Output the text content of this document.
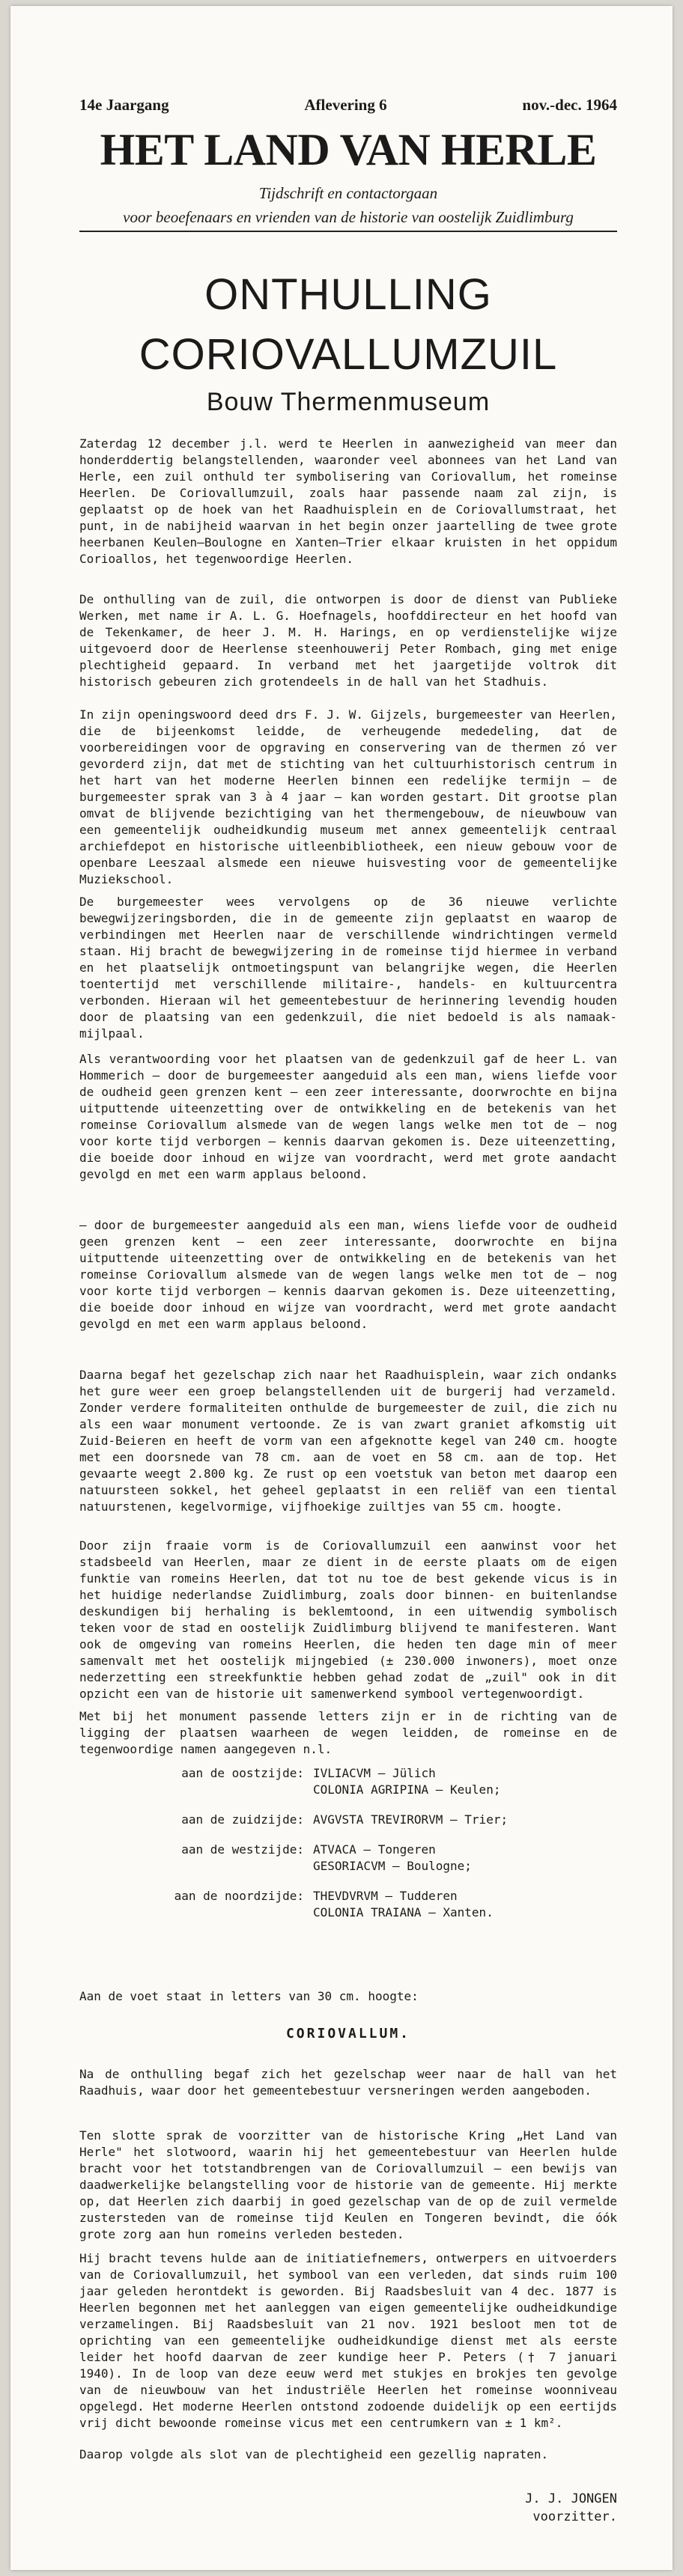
14e Jaargang	Aflevering 6	nov.-dec. 1964
HET LAND VAN HERLE
Tijdschrift en contactorgaan
voor beoefenaars en vrienden van de historie van oostelijk Zuidlimburg
ONTHULLING
CORIOVALLUMZUIL
Bouw Thermenmuseum

Zaterdag 12 december j.l. werd te Heerlen in aanwezigheid van meer dan honderddertig belangstellenden, waaronder veel abonnees van het Land van Herle, een zuil onthuld ter symbolisering van Coriovallum, het romeinse Heerlen. De Coriovallumzuil, zoals haar passende naam zal zijn, is geplaatst op de hoek van het Raadhuisplein en de Coriovallumstraat, het punt, in de nabijheid waarvan in het begin onzer jaartelling de twee grote heerbanen Keulen—Boulogne en Xanten—Trier elkaar kruisten in het oppidum Corioallos, het tegenwoordige Heerlen.

De onthulling van de zuil, die ontworpen is door de dienst van Publieke Werken, met name ir A. L. G. Hoefnagels, hoofddirecteur en het hoofd van de Tekenkamer, de heer J. M. H. Harings, en op verdienstelijke wijze uitgevoerd door de Heerlense steenhouwerij Peter Rombach, ging met enige plechtigheid gepaard. In verband met het jaargetijde voltrok dit historisch gebeuren zich grotendeels in de hall van het Stadhuis.

In zijn openingswoord deed drs F. J. W. Gijzels, burgemeester van Heerlen, die de bijeenkomst leidde, de verheugende mededeling, dat de voorbereidingen voor de opgraving en conservering van de thermen zó ver gevorderd zijn, dat met de stichting van het cultuurhistorisch centrum in het hart van het moderne Heerlen binnen een redelijke termijn — de burgemeester sprak van 3 à 4 jaar — kan worden gestart. Dit grootse plan omvat de blijvende bezichtiging van het thermengebouw, de nieuwbouw van een gemeentelijk oudheidkundig museum met annex gemeentelijk centraal archiefdepot en historische uitleenbibliotheek, een nieuw gebouw voor de openbare Leeszaal alsmede een nieuwe huisvesting voor de gemeentelijke Muziekschool.

De burgemeester wees vervolgens op de 36 nieuwe verlichte bewegwijzeringsborden, die in de gemeente zijn geplaatst en waarop de verbindingen met Heerlen naar de verschillende windrichtingen vermeld staan. Hij bracht de bewegwijzering in de romeinse tijd hiermee in verband en het plaatselijk ontmoetingspunt van belangrijke wegen, die Heerlen toentertijd met verschillende militaire-, handels- en kultuurcentra verbonden. Hieraan wil het gemeentebestuur de herinnering levendig houden door de plaatsing van een gedenkzuil, die niet bedoeld is als namaak-mijlpaal.

Als verantwoording voor het plaatsen van de gedenkzuil gaf de heer L. van Hommerich — door de burgemeester aangeduid als een man, wiens liefde voor de oudheid geen grenzen kent — een zeer interessante, doorwrochte en bijna uitputtende uiteenzetting over de ontwikkeling en de betekenis van het romeinse Coriovallum alsmede van de wegen langs welke men tot de — nog voor korte tijd verborgen — kennis daarvan gekomen is. Deze uiteenzetting, die boeide door inhoud en wijze van voordracht, werd met grote aandacht gevolgd en met een warm applaus beloond.

— door de burgemeester aangeduid als een man, wiens liefde voor de oudheid geen grenzen kent — een zeer interessante, doorwrochte en bijna uitputtende uiteenzetting over de ontwikkeling en de betekenis van het romeinse Coriovallum alsmede van de wegen langs welke men tot de — nog voor korte tijd verborgen — kennis daarvan gekomen is. Deze uiteenzetting, die boeide door inhoud en wijze van voordracht, werd met grote aandacht gevolgd en met een warm applaus beloond.

Daarna begaf het gezelschap zich naar het Raadhuisplein, waar zich ondanks het gure weer een groep belangstellenden uit de burgerij had verzameld. Zonder verdere formaliteiten onthulde de burgemeester de zuil, die zich nu als een waar monument vertoonde. Ze is van zwart graniet afkomstig uit Zuid-Beieren en heeft de vorm van een afgeknotte kegel van 240 cm. hoogte met een doorsnede van 78 cm. aan de voet en 58 cm. aan de top. Het gevaarte weegt 2.800 kg. Ze rust op een voetstuk van beton met daarop een natuursteen sokkel, het geheel geplaatst in een reliëf van een tiental natuurstenen, kegelvormige, vijfhoekige zuiltjes van 55 cm. hoogte.

Door zijn fraaie vorm is de Coriovallumzuil een aanwinst voor het stadsbeeld van Heerlen, maar ze dient in de eerste plaats om de eigen funktie van romeins Heerlen, dat tot nu toe de best gekende vicus is in het huidige nederlandse Zuidlimburg, zoals door binnen- en buitenlandse deskundigen bij herhaling is beklemtoond, in een uitwendig symbolisch teken voor de stad en oostelijk Zuidlimburg blijvend te manifesteren. Want ook de omgeving van romeins Heerlen, die heden ten dage min of meer samenvalt met het oostelijk mijngebied (± 230.000 inwoners), moet onze nederzetting een streekfunktie hebben gehad zodat de „zuil" ook in dit opzicht een van de historie uit samenwerkend symbool vertegenwoordigt.

Met bij het monument passende letters zijn er in de richting van de ligging der plaatsen waarheen de wegen leidden, de romeinse en de tegenwoordige namen aangegeven n.l.

aan de oostzijde: IVLIACVM — Jülich
COLONIA AGRIPINA — Keulen;
aan de zuidzijde: AVGVSTA TREVIRORVM — Trier;
aan de westzijde: ATVACA — Tongeren
GESORIACVM — Boulogne;
aan de noordzijde: THEVDVRVM — Tudderen
COLONIA TRAIANA — Xanten.

Aan de voet staat in letters van 30 cm. hoogte:

CORIOVALLUM.

Na de onthulling begaf zich het gezelschap weer naar de hall van het Raadhuis, waar door het gemeentebestuur versneringen werden aangeboden.

Ten slotte sprak de voorzitter van de historische Kring „Het Land van Herle" het slotwoord, waarin hij het gemeentebestuur van Heerlen hulde bracht voor het totstandbrengen van de Coriovallumzuil — een bewijs van daadwerkelijke belangstelling voor de historie van de gemeente. Hij merkte op, dat Heerlen zich daarbij in goed gezelschap van de op de zuil vermelde zustersteden van de romeinse tijd Keulen en Tongeren bevindt, die óók grote zorg aan hun romeins verleden besteden.

Hij bracht tevens hulde aan de initiatiefnemers, ontwerpers en uitvoerders van de Coriovallumzuil, het symbool van een verleden, dat sinds ruim 100 jaar geleden herontdekt is geworden. Bij Raadsbesluit van 4 dec. 1877 is Heerlen begonnen met het aanleggen van eigen gemeentelijke oudheidkundige verzamelingen. Bij Raadsbesluit van 21 nov. 1921 besloot men tot de oprichting van een gemeentelijke oudheidkundige dienst met als eerste leider het hoofd daarvan de zeer kundige heer P. Peters († 7 januari 1940). In de loop van deze eeuw werd met stukjes en brokjes ten gevolge van de nieuwbouw van het industriële Heerlen het romeinse woonniveau opgelegd. Het moderne Heerlen ontstond zodoende duidelijk op een eertijds vrij dicht bewoonde romeinse vicus met een centrumkern van ± 1 km².

Daarop volgde als slot van de plechtigheid een gezellig napraten.

J. J. JONGEN
voorzitter.
